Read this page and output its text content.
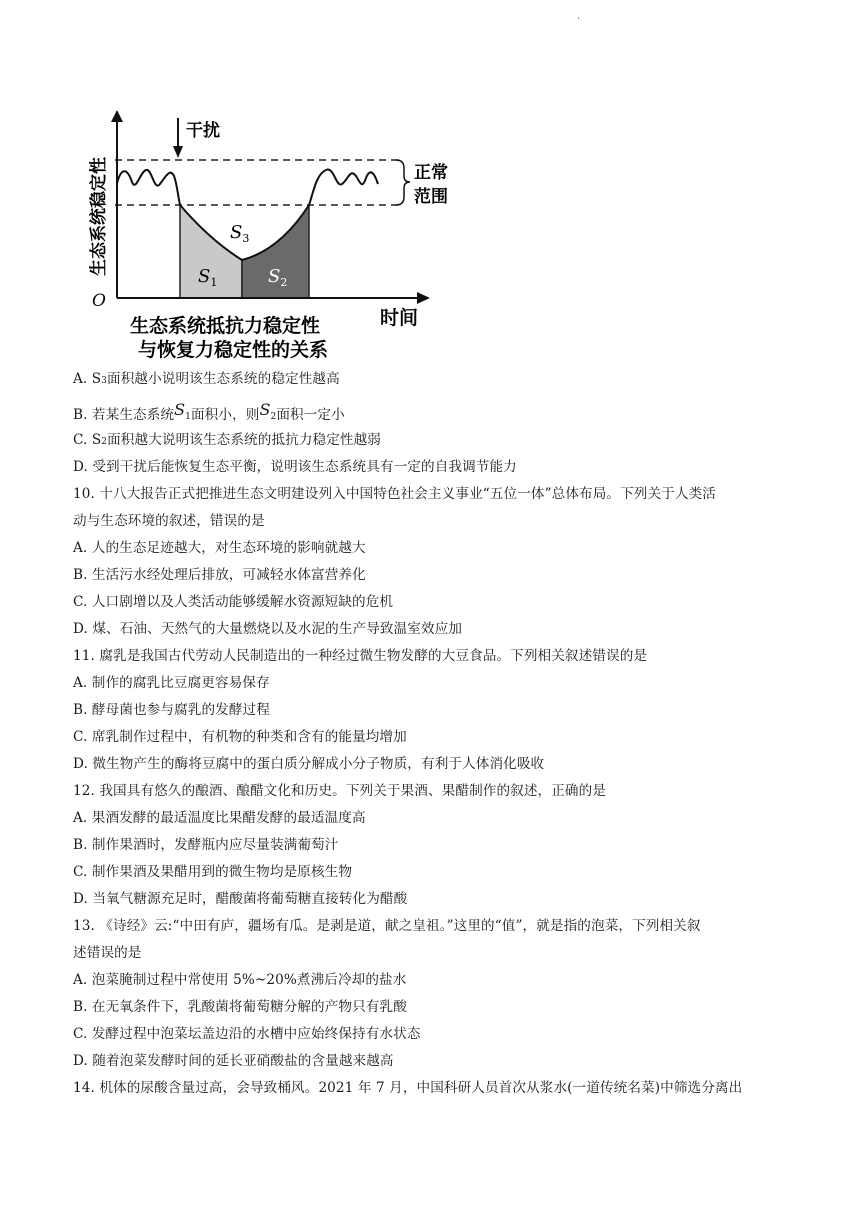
·
干扰
正常
范围
生态系统稳定性
O
时间
$S_3$
$S_1$	$S_2$
生态系统抵抗力稳定性
与恢复力稳定性的关系
A. S3面积越小说明该生态系统的稳定性越高
B. 若某生态系统S1面积小，则S2面积一定小
C. S2面积越大说明该生态系统的抵抗力稳定性越弱
D. 受到干扰后能恢复生态平衡，说明该生态系统具有一定的自我调节能力
10. 十八大报告正式把推进生态文明建设列入中国特色社会主义事业“五位一体”总体布局。下列关于人类活
动与生态环境的叙述，错误的是
A. 人的生态足迹越大，对生态环境的影响就越大
B. 生活污水经处理后排放，可减轻水体富营养化
C. 人口剧增以及人类活动能够缓解水资源短缺的危机
D. 煤、石油、天然气的大量燃烧以及水泥的生产导致温室效应加
11. 腐乳是我国古代劳动人民制造出的一种经过微生物发酵的大豆食品。下列相关叙述错误的是
A. 制作的腐乳比豆腐更容易保存
B. 酵母菌也参与腐乳的发酵过程
C. 席乳制作过程中，有机物的种类和含有的能量均增加
D. 微生物产生的酶将豆腐中的蛋白质分解成小分子物质，有利于人体消化吸收
12. 我国具有悠久的酿酒、酿醋文化和历史。下列关于果酒、果醋制作的叙述，正确的是
A. 果酒发酵的最适温度比果醋发酵的最适温度高
B. 制作果酒时，发酵瓶内应尽量装满葡萄汁
C. 制作果酒及果醋用到的微生物均是原核生物
D. 当氧气糖源充足时，醋酸菌将葡萄糖直接转化为醋酸
13. 《诗经》云:“中田有庐，疆场有瓜。是剥是道，献之皇祖。”这里的“值”，就是指的泡菜，下列相关叙
述错误的是
A. 泡菜腌制过程中常使用 5%~20%煮沸后冷却的盐水
B. 在无氧条件下，乳酸菌将葡萄糖分解的产物只有乳酸
C. 发酵过程中泡菜坛盖边沿的水槽中应始终保持有水状态
D. 随着泡菜发酵时间的延长亚硝酸盐的含量越来越高
14. 机体的尿酸含量过高，会导致桶风。2021 年 7 月，中国科研人员首次从浆水(一道传统名菜)中筛选分离出
